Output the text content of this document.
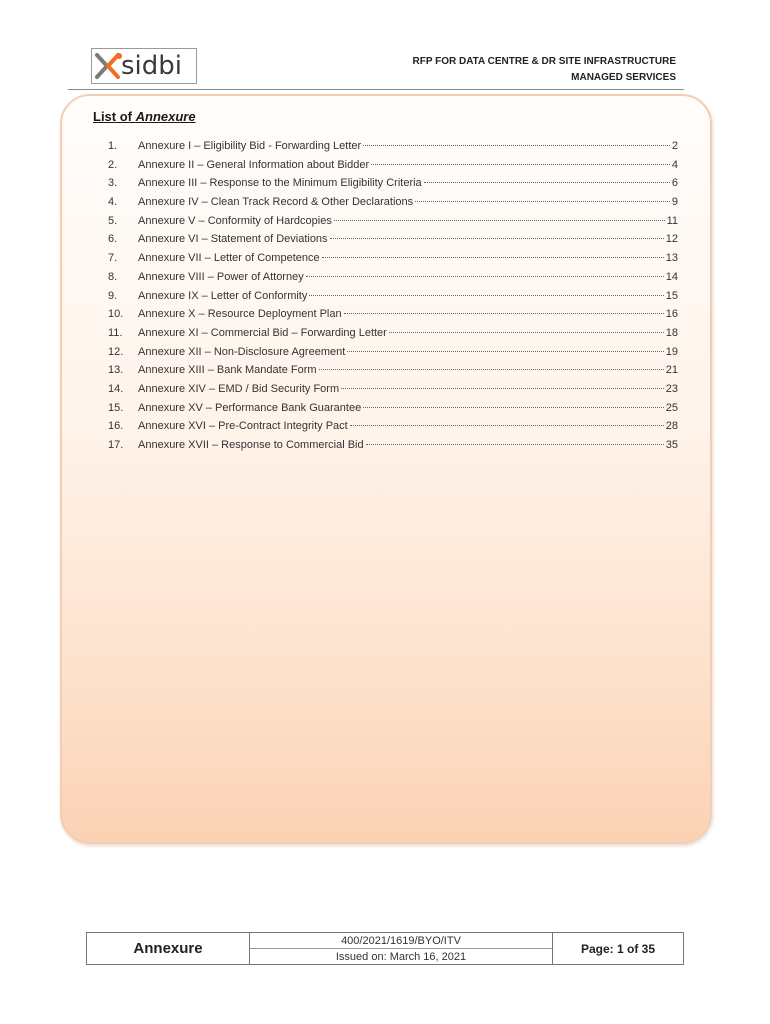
sidbi	RFP FOR DATA CENTRE & DR SITE INFRASTRUCTURE
MANAGED SERVICES
List of Annexure
1.	Annexure I – Eligibility Bid - Forwarding Letter	2
2.	Annexure II – General Information about Bidder	4
3.	Annexure III – Response to the Minimum Eligibility Criteria	6
4.	Annexure IV – Clean Track Record & Other Declarations	9
5.	Annexure V – Conformity of Hardcopies	11
6.	Annexure VI – Statement of Deviations	12
7.	Annexure VII – Letter of Competence	13
8.	Annexure VIII – Power of Attorney	14
9.	Annexure IX – Letter of Conformity	15
10.	Annexure X – Resource Deployment Plan	16
11.	Annexure XI – Commercial Bid – Forwarding Letter	18
12.	Annexure XII – Non-Disclosure Agreement	19
13.	Annexure XIII – Bank Mandate Form	21
14.	Annexure XIV – EMD / Bid Security Form	23
15.	Annexure XV – Performance Bank Guarantee	25
16.	Annexure XVI – Pre-Contract Integrity Pact	28
17.	Annexure XVII – Response to Commercial Bid	35
Annexure	400/2021/1619/BYO/ITV
Issued on: March 16, 2021
Page: 1 of 35
